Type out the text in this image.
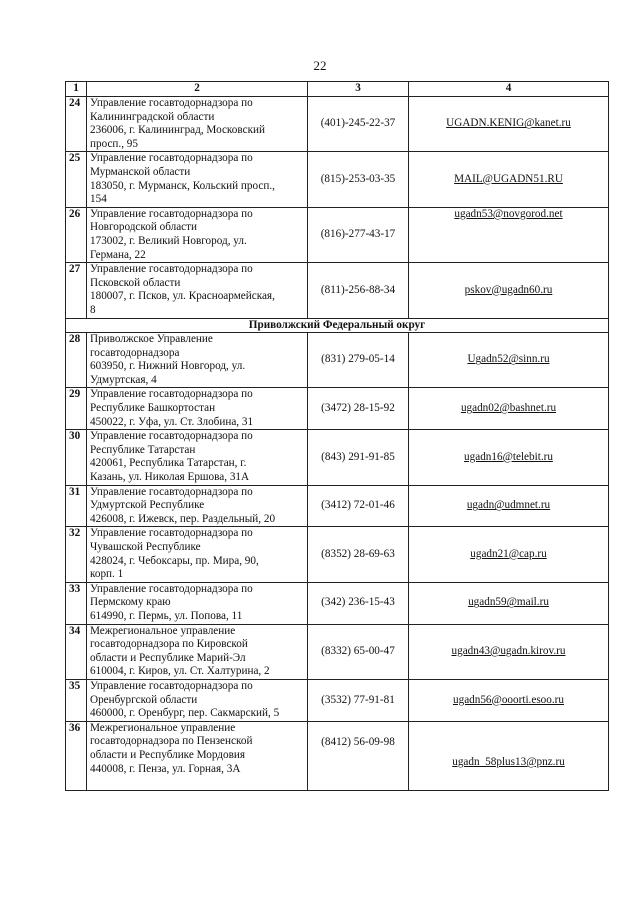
22
1	2	3	4
24	Управление госавтодорнадзора по
Калининградской области
236006, г. Калининград, Московский
просп., 95	(401)-245-22-37	UGADN.KENIG@kanet.ru
25	Управление госавтодорнадзора по
Мурманской области
183050, г. Мурманск, Кольский просп.,
154	(815)-253-03-35	MAIL@UGADN51.RU
26	Управление госавтодорнадзора по
Новгородской области
173002, г. Великий Новгород, ул.
Германа, 22	(816)-277-43-17	ugadn53@novgorod.net
27	Управление госавтодорнадзора по
Псковской области
180007, г. Псков, ул. Красноармейская,
8	(811)-256-88-34	pskov@ugadn60.ru
Приволжский Федеральный округ			
28	Приволжское Управление
госавтодорнадзора
603950, г. Нижний Новгород, ул.
Удмуртская, 4	(831) 279-05-14	Ugadn52@sinn.ru
29	Управление госавтодорнадзора по
Республике Башкортостан
450022, г. Уфа, ул. Ст. Злобина, 31	(3472) 28-15-92	ugadn02@bashnet.ru
30	Управление госавтодорнадзора по
Республике Татарстан
420061, Республика Татарстан, г.
Казань, ул. Николая Ершова, 31А	(843) 291-91-85	ugadn16@telebit.ru
31	Управление госавтодорнадзора по
Удмуртской Республике
426008, г. Ижевск, пер. Раздельный, 20	(3412) 72-01-46	ugadn@udmnet.ru
32	Управление госавтодорнадзора по
Чувашской Республике
428024, г. Чебоксары, пр. Мира, 90,
корп. 1	(8352) 28-69-63	ugadn21@cap.ru
33	Управление госавтодорнадзора по
Пермскому краю
614990, г. Пермь, ул. Попова, 11	(342) 236-15-43	ugadn59@mail.ru
34	Межрегиональное управление
госавтодорнадзора по Кировской
области и Республике Марий-Эл
610004, г. Киров, ул. Ст. Халтурина, 2	(8332) 65-00-47	ugadn43@ugadn.kirov.ru
35	Управление госавтодорнадзора по
Оренбургской области
460000, г. Оренбург, пер. Сакмарский, 5	(3532) 77-91-81	ugadn56@ooorti.esoo.ru
36	Межрегиональное управление
госавтодорнадзора по Пензенской
области и Республике Мордовия
440008, г. Пенза, ул. Горная, 3А	(8412) 56-09-98	ugadn_58plus13@pnz.ru
